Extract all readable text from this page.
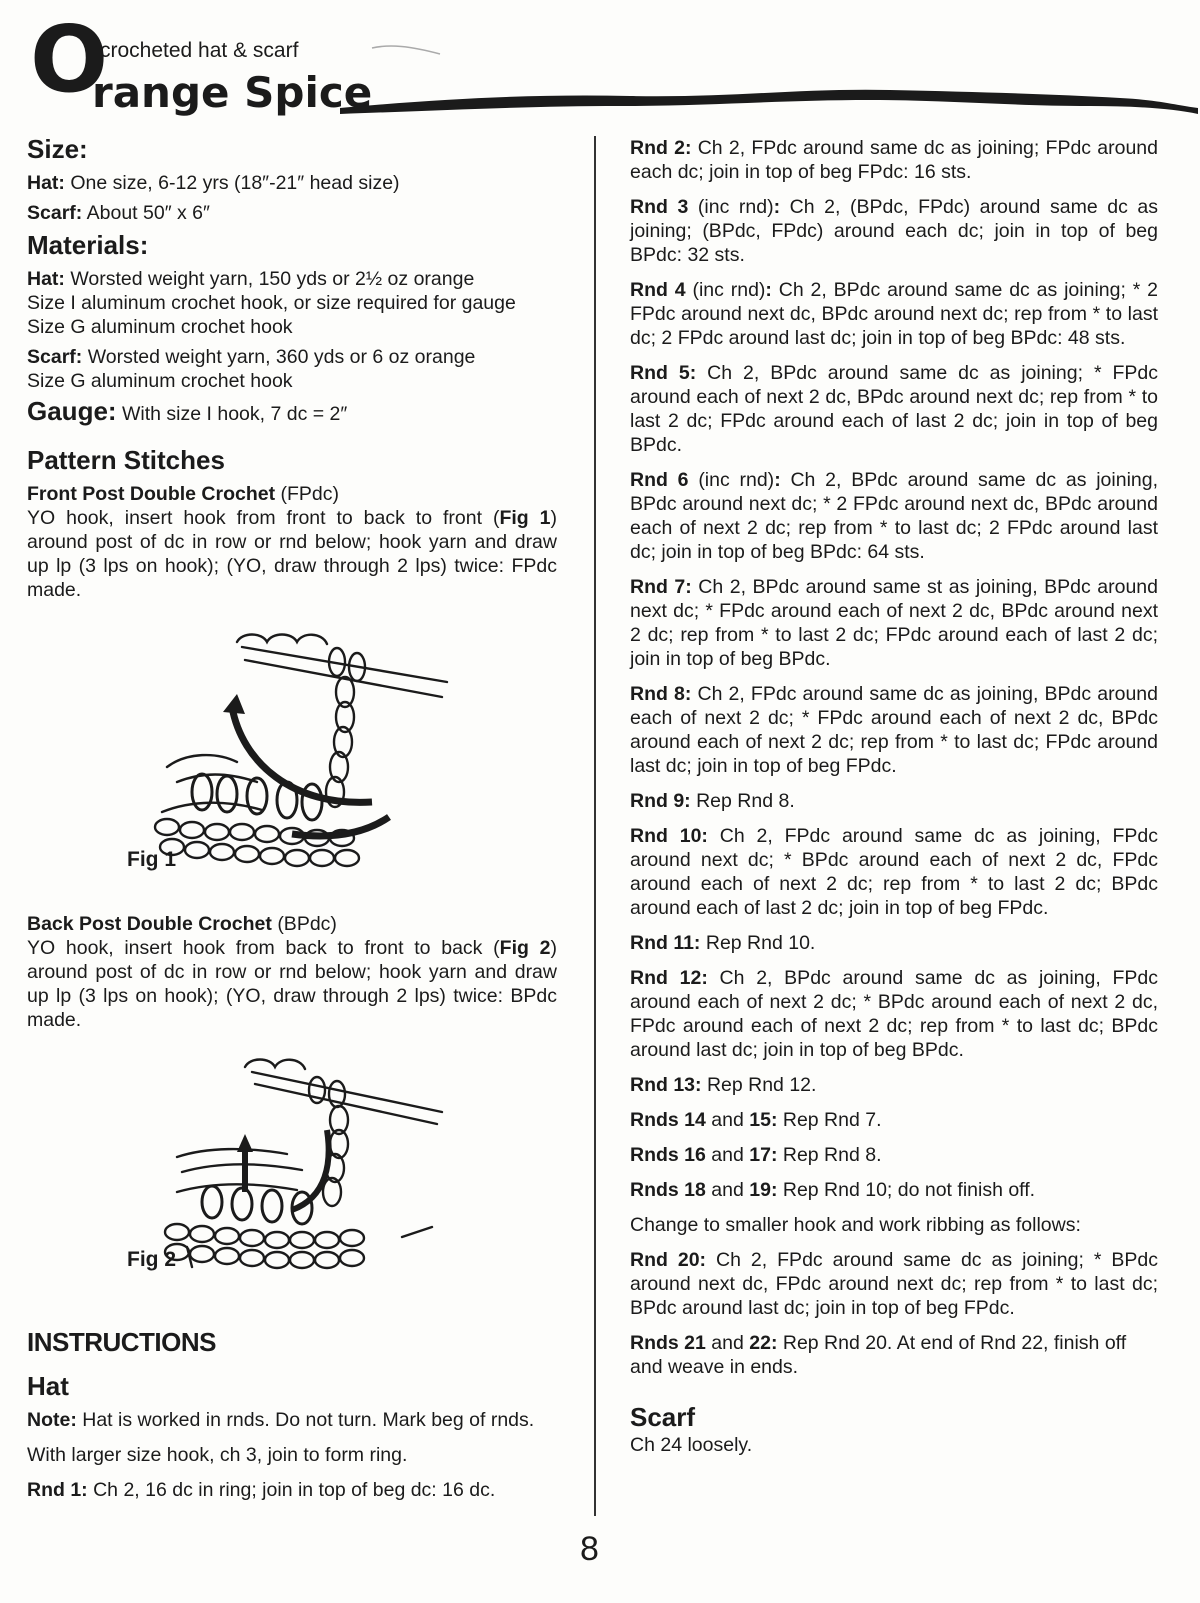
O
crocheted hat & scarf
range Spice
Size:

Hat: One size, 6-12 yrs (18″-21″ head size)

Scarf: About 50″ x 6″

Materials:

Hat: Worsted weight yarn, 150 yds or 2½ oz orange

Size I aluminum crochet hook, or size required for gauge

Size G aluminum crochet hook

Scarf: Worsted weight yarn, 360 yds or 6 oz orange

Size G aluminum crochet hook

Gauge: With size I hook, 7 dc = 2″

Pattern Stitches

Front Post Double Crochet (FPdc)

YO hook, insert hook from front to back to front (Fig 1) around post of dc in row or rnd below; hook yarn and draw up lp (3 lps on hook); (YO, draw through 2 lps) twice: FPdc made.

Fig 1

Back Post Double Crochet (BPdc)

YO hook, insert hook from back to front to back (Fig 2) around post of dc in row or rnd below; hook yarn and draw up lp (3 lps on hook); (YO, draw through 2 lps) twice: BPdc made.

Fig 2
INSTRUCTIONS
Hat

Note: Hat is worked in rnds. Do not turn. Mark beg of rnds.

With larger size hook, ch 3, join to form ring.

Rnd 1: Ch 2, 16 dc in ring; join in top of beg dc: 16 dc.

Rnd 2: Ch 2, FPdc around same dc as joining; FPdc around each dc; join in top of beg FPdc: 16 sts.

Rnd 3 (inc rnd): Ch 2, (BPdc, FPdc) around same dc as joining; (BPdc, FPdc) around each dc; join in top of beg BPdc: 32 sts.

Rnd 4 (inc rnd): Ch 2, BPdc around same dc as joining; * 2 FPdc around next dc, BPdc around next dc; rep from * to last dc; 2 FPdc around last dc; join in top of beg BPdc: 48 sts.

Rnd 5: Ch 2, BPdc around same dc as joining; * FPdc around each of next 2 dc, BPdc around next dc; rep from * to last 2 dc; FPdc around each of last 2 dc; join in top of beg BPdc.

Rnd 6 (inc rnd): Ch 2, BPdc around same dc as joining, BPdc around next dc; * 2 FPdc around next dc, BPdc around each of next 2 dc; rep from * to last dc; 2 FPdc around last dc; join in top of beg BPdc: 64 sts.

Rnd 7: Ch 2, BPdc around same st as joining, BPdc around next dc; * FPdc around each of next 2 dc, BPdc around next 2 dc; rep from * to last 2 dc; FPdc around each of last 2 dc; join in top of beg BPdc.

Rnd 8: Ch 2, FPdc around same dc as joining, BPdc around each of next 2 dc; * FPdc around each of next 2 dc, BPdc around each of next 2 dc; rep from * to last dc; FPdc around last dc; join in top of beg FPdc.

Rnd 9: Rep Rnd 8.

Rnd 10: Ch 2, FPdc around same dc as joining, FPdc around next dc; * BPdc around each of next 2 dc, FPdc around each of next 2 dc; rep from * to last 2 dc; BPdc around each of last 2 dc; join in top of beg FPdc.

Rnd 11: Rep Rnd 10.

Rnd 12: Ch 2, BPdc around same dc as joining, FPdc around each of next 2 dc; * BPdc around each of next 2 dc, FPdc around each of next 2 dc; rep from * to last dc; BPdc around last dc; join in top of beg BPdc.

Rnd 13: Rep Rnd 12.

Rnds 14 and 15: Rep Rnd 7.

Rnds 16 and 17: Rep Rnd 8.

Rnds 18 and 19: Rep Rnd 10; do not finish off.

Change to smaller hook and work ribbing as follows:

Rnd 20: Ch 2, FPdc around same dc as joining; * BPdc around next dc, FPdc around next dc; rep from * to last dc; BPdc around last dc; join in top of beg FPdc.

Rnds 21 and 22: Rep Rnd 20. At end of Rnd 22, finish off and weave in ends.

Scarf

Ch 24 loosely.

8
